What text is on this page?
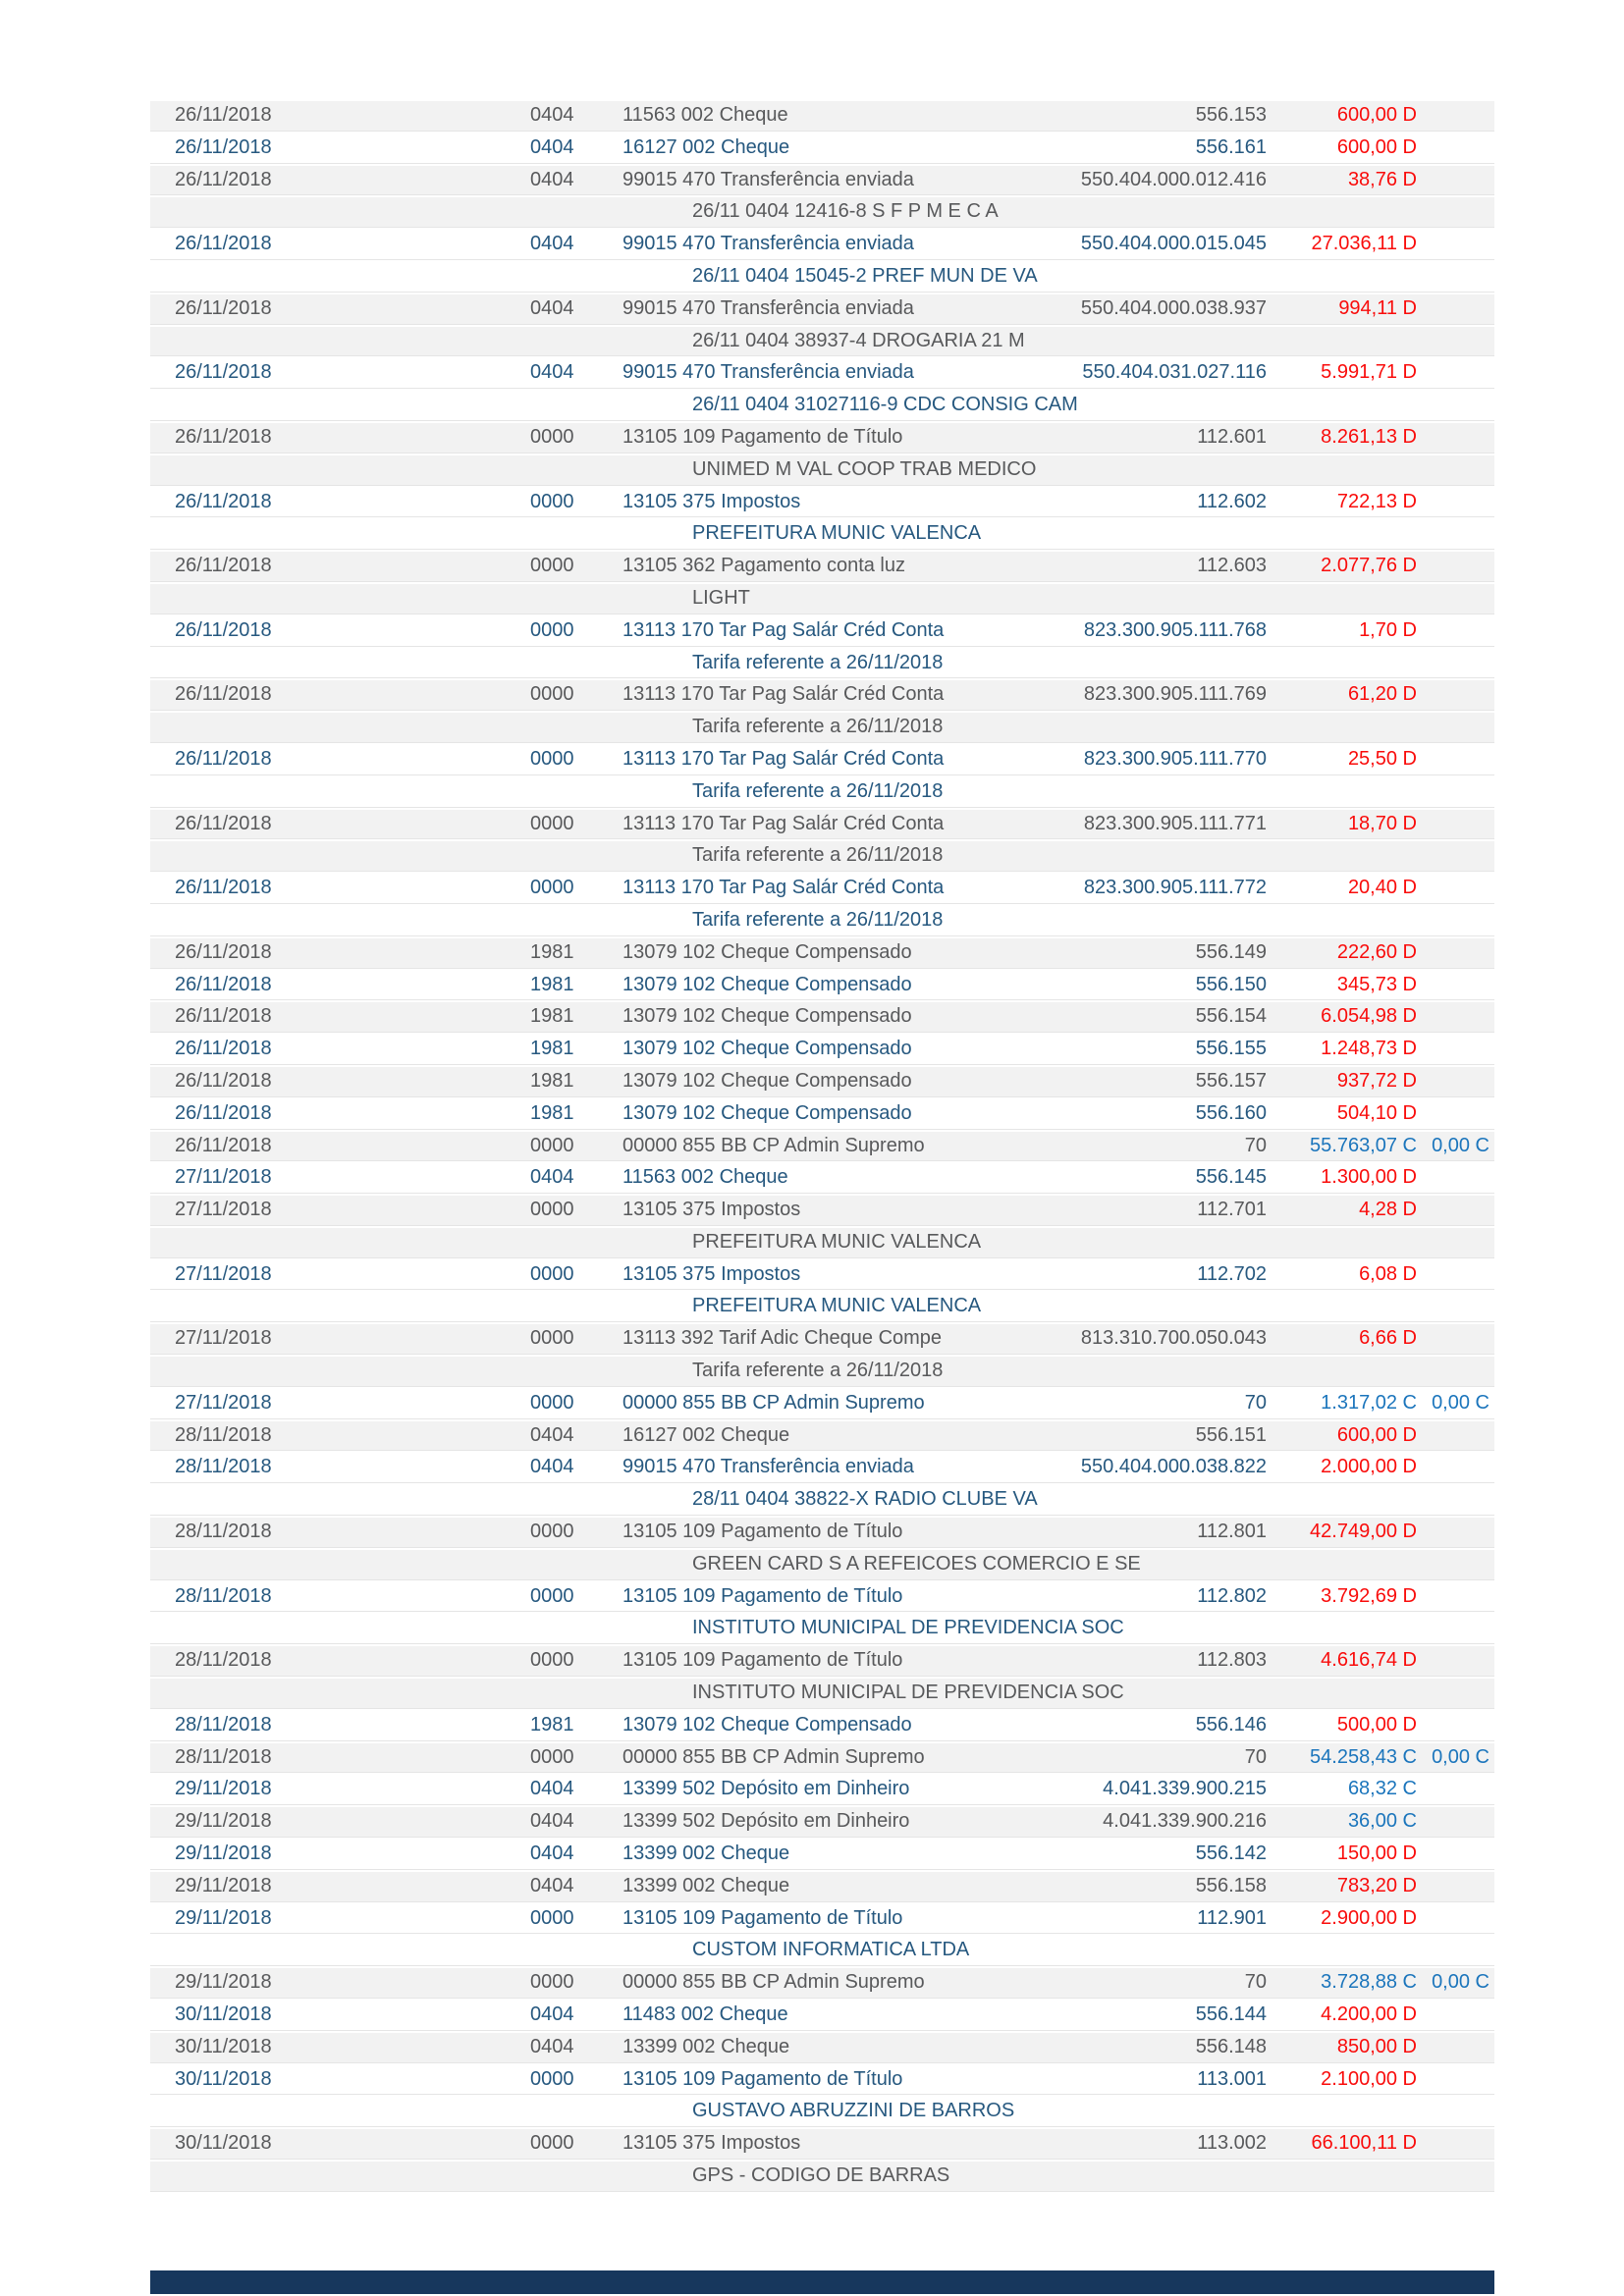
26/11/2018	0404	11563 002 Cheque	556.153	600,00 D
26/11/2018	0404	16127 002 Cheque	556.161	600,00 D
26/11/2018	0404	99015 470 Transferência enviada	550.404.000.012.416	38,76 D
26/11 0404 12416-8 S F P M E C A
26/11/2018	0404	99015 470 Transferência enviada	550.404.000.015.045	27.036,11 D
26/11 0404 15045-2 PREF MUN DE VA
26/11/2018	0404	99015 470 Transferência enviada	550.404.000.038.937	994,11 D
26/11 0404 38937-4 DROGARIA 21 M
26/11/2018	0404	99015 470 Transferência enviada	550.404.031.027.116	5.991,71 D
26/11 0404 31027116-9 CDC CONSIG CAM
26/11/2018	0000	13105 109 Pagamento de Título	112.601	8.261,13 D
UNIMED M VAL COOP TRAB MEDICO
26/11/2018	0000	13105 375 Impostos	112.602	722,13 D
PREFEITURA MUNIC VALENCA
26/11/2018	0000	13105 362 Pagamento conta luz	112.603	2.077,76 D
LIGHT
26/11/2018	0000	13113 170 Tar Pag Salár Créd Conta	823.300.905.111.768	1,70 D
Tarifa referente a 26/11/2018
26/11/2018	0000	13113 170 Tar Pag Salár Créd Conta	823.300.905.111.769	61,20 D
Tarifa referente a 26/11/2018
26/11/2018	0000	13113 170 Tar Pag Salár Créd Conta	823.300.905.111.770	25,50 D
Tarifa referente a 26/11/2018
26/11/2018	0000	13113 170 Tar Pag Salár Créd Conta	823.300.905.111.771	18,70 D
Tarifa referente a 26/11/2018
26/11/2018	0000	13113 170 Tar Pag Salár Créd Conta	823.300.905.111.772	20,40 D
Tarifa referente a 26/11/2018
26/11/2018	1981	13079 102 Cheque Compensado	556.149	222,60 D
26/11/2018	1981	13079 102 Cheque Compensado	556.150	345,73 D
26/11/2018	1981	13079 102 Cheque Compensado	556.154	6.054,98 D
26/11/2018	1981	13079 102 Cheque Compensado	556.155	1.248,73 D
26/11/2018	1981	13079 102 Cheque Compensado	556.157	937,72 D
26/11/2018	1981	13079 102 Cheque Compensado	556.160	504,10 D
26/11/2018	0000	00000 855 BB CP Admin Supremo	70	55.763,07 C 0,00 C
27/11/2018	0404	11563 002 Cheque	556.145	1.300,00 D
27/11/2018	0000	13105 375 Impostos	112.701	4,28 D
PREFEITURA MUNIC VALENCA
27/11/2018	0000	13105 375 Impostos	112.702	6,08 D
PREFEITURA MUNIC VALENCA
27/11/2018	0000	13113 392 Tarif Adic Cheque Compe	813.310.700.050.043	6,66 D
Tarifa referente a 26/11/2018
27/11/2018	0000	00000 855 BB CP Admin Supremo	70	1.317,02 C 0,00 C
28/11/2018	0404	16127 002 Cheque	556.151	600,00 D
28/11/2018	0404	99015 470 Transferência enviada	550.404.000.038.822	2.000,00 D
28/11 0404 38822-X RADIO CLUBE VA
28/11/2018	0000	13105 109 Pagamento de Título	112.801	42.749,00 D
GREEN CARD S A REFEICOES COMERCIO E SE
28/11/2018	0000	13105 109 Pagamento de Título	112.802	3.792,69 D
INSTITUTO MUNICIPAL DE PREVIDENCIA SOC
28/11/2018	0000	13105 109 Pagamento de Título	112.803	4.616,74 D
INSTITUTO MUNICIPAL DE PREVIDENCIA SOC
28/11/2018	1981	13079 102 Cheque Compensado	556.146	500,00 D
28/11/2018	0000	00000 855 BB CP Admin Supremo	70	54.258,43 C 0,00 C
29/11/2018	0404	13399 502 Depósito em Dinheiro	4.041.339.900.215	68,32 C
29/11/2018	0404	13399 502 Depósito em Dinheiro	4.041.339.900.216	36,00 C
29/11/2018	0404	13399 002 Cheque	556.142	150,00 D
29/11/2018	0404	13399 002 Cheque	556.158	783,20 D
29/11/2018	0000	13105 109 Pagamento de Título	112.901	2.900,00 D
CUSTOM INFORMATICA LTDA
29/11/2018	0000	00000 855 BB CP Admin Supremo	70	3.728,88 C 0,00 C
30/11/2018	0404	11483 002 Cheque	556.144	4.200,00 D
30/11/2018	0404	13399 002 Cheque	556.148	850,00 D
30/11/2018	0000	13105 109 Pagamento de Título	113.001	2.100,00 D
GUSTAVO ABRUZZINI DE BARROS
30/11/2018	0000	13105 375 Impostos	113.002	66.100,11 D
GPS - CODIGO DE BARRAS
